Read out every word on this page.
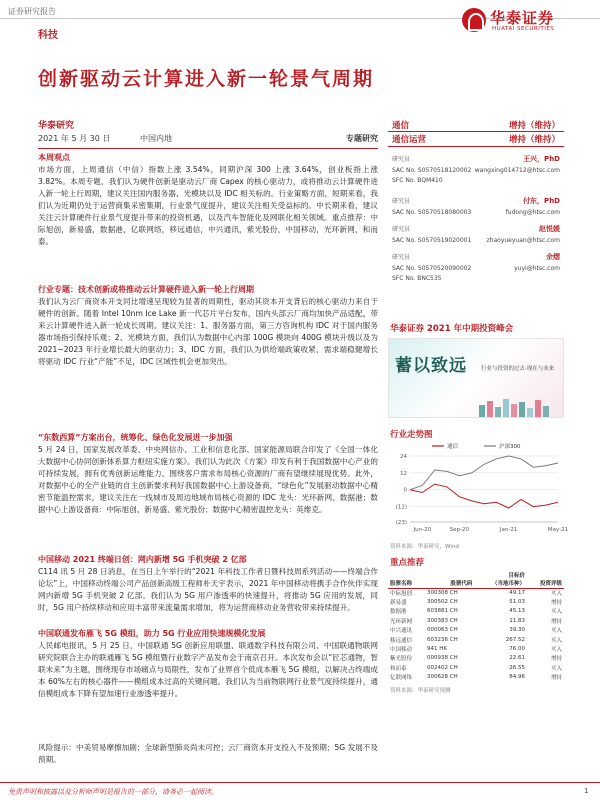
证券研究报告
科技
华泰证券
HUATAI SECURITIES
创新驱动云计算进入新一轮景气周期
华泰研究
2021 年 5 月 30 日	中国内地	专题研究
本周观点
市场方面，上周通信（中信）指数上涨 3.54%，同期沪深 300 上涨 3.64%，创业板指上涨 3.82%。本周专题，我们认为硬件创新是驱动云厂商 Capex 的核心驱动力，或将推动云计算硬件进入新一轮上行周期，建议关注国内服务器、光模块以及 IDC 相关标的。行业策略方面，短期来看，我们认为近期仍处于运营商集采密集期，行业景气度提升，建议关注相关受益标的。中长期来看，建议关注云计算硬件行业景气度提升带来的投资机遇，以及汽车智能化及网联化相关领域。重点推荐：中际旭创，新易盛，数据港，亿联网络，移远通信，中兴通讯，紫光股份，中国移动，光环新网，和而泰。
行业专题：技术创新或将推动云计算硬件进入新一轮上行周期
我们认为云厂商资本开支同比增速呈现较为显著的周期性，驱动其资本开支背后的核心驱动力来自于硬件的创新。随着 Intel 10nm Ice Lake 新一代芯片平台发布，国内头部云厂商均加快产品适配，带来云计算硬件进入新一轮成长周期。建议关注：1、服务器方面，第三方咨询机构 IDC 对于国内服务器市场指引保持乐观；2、光模块方面，我们认为数据中心内部 100G 模块向 400G 模块升级以及为 2021~2023 年行业增长最大的驱动力；3、IDC 方面，我们认为供给端政策收紧，需求端稳健增长将驱动 IDC 行业“产能”不足，IDC 区域性机会更加突出。
“东数西算”方案出台，统筹化、绿色化发展进一步加强
5 月 24 日，国家发展改革委、中央网信办、工业和信息化部、国家能源局联合印发了《全国一体化大数据中心协同创新体系算力枢纽实施方案》。我们认为此次《方案》印发有利于我国数据中心产业的可持续发展，拥有优秀创新运维能力、围绕客户需求布局核心资源的厂商有望继续展现优势。此外，对数据中心的全产业链的自主创新要求利好我国数据中心上游设备商，“绿色化”发展驱动数据中心精密节能温控需求。建议关注在一线城市及周边地域布局核心资源的 IDC 龙头：光环新网、数据港；数据中心上游设备商：中际旭创、新易盛、紫光股份；数据中心精密温控龙头：英维克。
中国移动 2021 终端日创：网内新增 5G 手机突破 2 亿部
C114 讯 5 月 28 日消息，在当日上午举行的“2021 年科技工作者日暨科技周系列活动——终端合作论坛”上，中国移动终端公司产品创新高级工程师朴天宇表示，2021 年中国移动将携手合作伙伴实现网内新增 5G 手机突破 2 亿部。我们认为 5G 用户渗透率的快速提升，将推动 5G 应用的发展，同时，5G 用户持续移动和应用丰富带来流量需求增加，将为运营商移动业务营收带来持续提升。
中国联通发布雁飞 5G 模组，助力 5G 行业应用快速规模化发展
人民邮电报讯，5 月 25 日，中国联通 5G 创新应用联盟、联通数字科技有限公司、中国联通物联网研究院联合主办的联通雁飞 5G 模组暨行业数字产品发布会于南京召开。本次发布会以“匠芯通物，智联未来”为主题，围绕现存市场痛点与局限性，发布了业界首个低成本雁飞 5G 模组，以解决占终端成本 60%左右的核心器件——模组成本过高的关键问题。我们认为当前物联网行业景气度持续提升，通信模组成本下降有望加速行业渗透率提升。
风险提示：中美贸易摩擦加剧；全球新型肺炎尚未可控；云厂商资本开支投入不及预期；5G 发展不及预期。
通信	增持（维持）
通信运营	增持（维持）
研究员	王兴，PhD
SAC No. S0570518120002 wangxing014712@htsc.com
SFC No. BQM410
研究员	付东，PhD
SAC No. S0570518080003	fudong@htsc.com
研究员	赵悦媛
SAC No. S0570519020001	zhaoyueyuan@htsc.com
研究员	余熠
SAC No. S0570520090002	yuyi@htsc.com
SFC No. BNC535
华泰证券 2021 年中期投资峰会
蓄以致远	行业与投资的过去·现在与未来
行业走势图
(23)
(12)
0
12
24
Jun-20	Sep-20	Jan-21	May-21
通信	沪深300
资料来源：华泰研究，Wind
重点推荐
		目标价	
股票名称	股票代码	（当地币种）	投资评级
中际旭创	300308 CH	49.17	买入
新易盛	300502 CH	51.03	增持
数据港	603881 CH	45.13	买入
光环新网	300383 CH	11.83	增持
中兴通讯	000063 CH	39.30	买入
移远通信	603236 CH	267.52	买入
中国移动	941 HK	76.00	买入
紫光股份	000938 CH	22.61	增持
和而泰	002402 CH	26.55	买入
亿联网络	300628 CH	84.96	增持
资料来源：华泰研究预测
免责声明和披露以及分析师声明是报告的一部分，请务必一起阅读。	1
